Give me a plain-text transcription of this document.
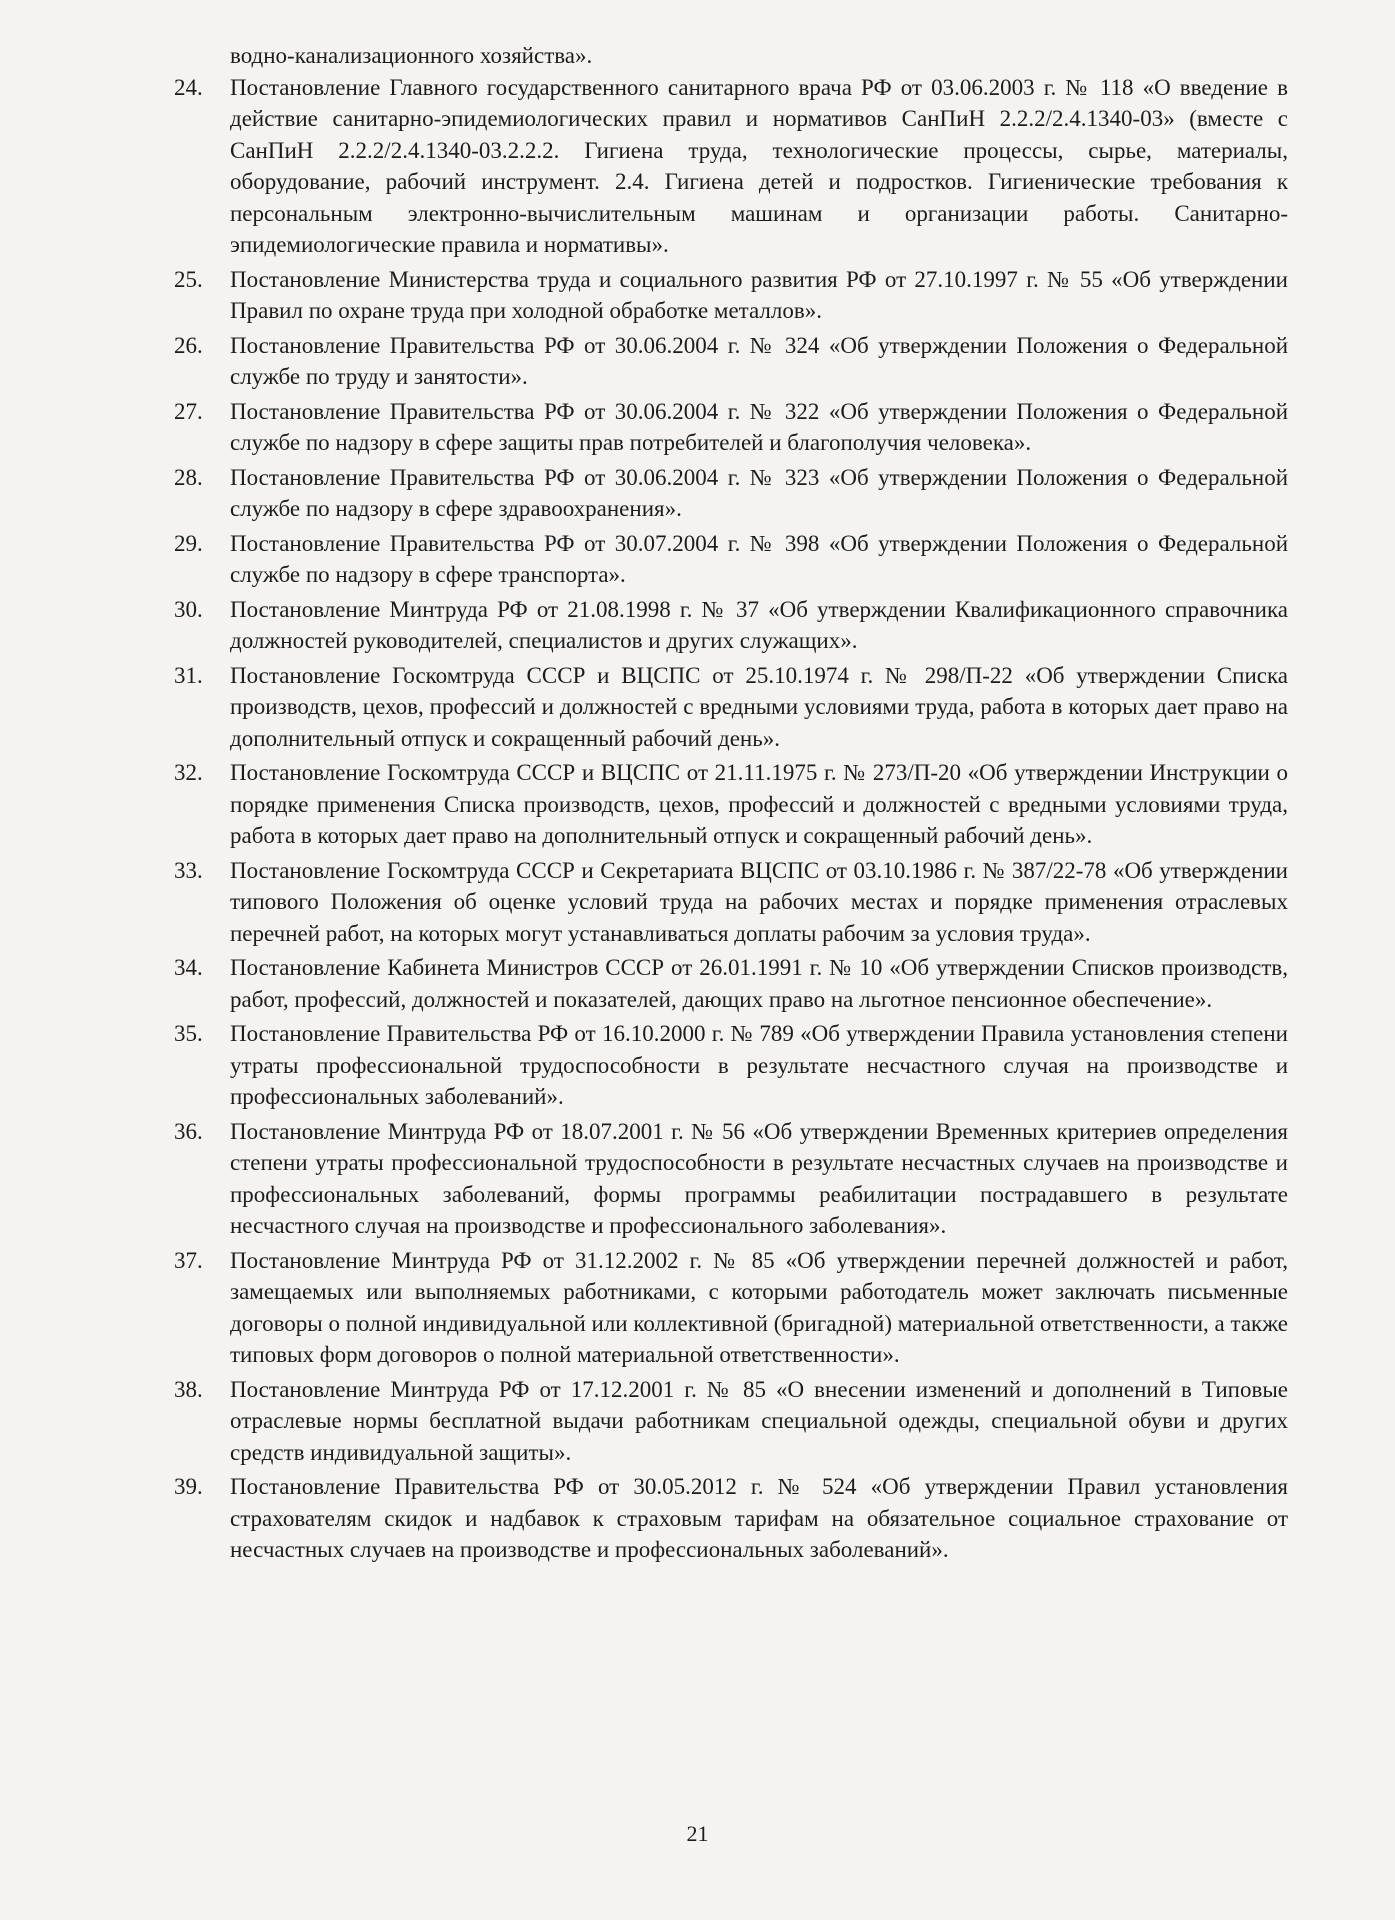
водно-канализационного хозяйства».

24. Постановление Главного государственного санитарного врача РФ от 03.06.2003 г. № 118 «О введение в действие санитарно-эпидемиологических правил и нормативов СанПиН 2.2.2/2.4.1340-03» (вместе с СанПиН 2.2.2/2.4.1340-03.2.2.2. Гигиена труда, технологические процессы, сырье, материалы, оборудование, рабочий инструмент. 2.4. Гигиена детей и подростков. Гигиенические требования к персональным электронно-вычислительным машинам и организации работы. Санитарно-эпидемиологические правила и нормативы».
25. Постановление Министерства труда и социального развития РФ от 27.10.1997 г. № 55 «Об утверждении Правил по охране труда при холодной обработке металлов».
26. Постановление Правительства РФ от 30.06.2004 г. № 324 «Об утверждении Положения о Федеральной службе по труду и занятости».
27. Постановление Правительства РФ от 30.06.2004 г. № 322 «Об утверждении Положения о Федеральной службе по надзору в сфере защиты прав потребителей и благополучия человека».
28. Постановление Правительства РФ от 30.06.2004 г. № 323 «Об утверждении Положения о Федеральной службе по надзору в сфере здравоохранения».
29. Постановление Правительства РФ от 30.07.2004 г. № 398 «Об утверждении Положения о Федеральной службе по надзору в сфере транспорта».
30. Постановление Минтруда РФ от 21.08.1998 г. № 37 «Об утверждении Квалификационного справочника должностей руководителей, специалистов и других служащих».
31. Постановление Госкомтруда СССР и ВЦСПС от 25.10.1974 г. № 298/П-22 «Об утверждении Списка производств, цехов, профессий и должностей с вредными условиями труда, работа в которых дает право на дополнительный отпуск и сокращенный рабочий день».
32. Постановление Госкомтруда СССР и ВЦСПС от 21.11.1975 г. № 273/П-20 «Об утверждении Инструкции о порядке применения Списка производств, цехов, профессий и должностей с вредными условиями труда, работа в которых дает право на дополнительный отпуск и сокращенный рабочий день».
33. Постановление Госкомтруда СССР и Секретариата ВЦСПС от 03.10.1986 г. № 387/22-78 «Об утверждении типового Положения об оценке условий труда на рабочих местах и порядке применения отраслевых перечней работ, на которых могут устанавливаться доплаты рабочим за условия труда».
34. Постановление Кабинета Министров СССР от 26.01.1991 г. № 10 «Об утверждении Списков производств, работ, профессий, должностей и показателей, дающих право на льготное пенсионное обеспечение».
35. Постановление Правительства РФ от 16.10.2000 г. № 789 «Об утверждении Правила установления степени утраты профессиональной трудоспособности в результате несчастного случая на производстве и профессиональных заболеваний».
36. Постановление Минтруда РФ от 18.07.2001 г. № 56 «Об утверждении Временных критериев определения степени утраты профессиональной трудоспособности в результате несчастных случаев на производстве и профессиональных заболеваний, формы программы реабилитации пострадавшего в результате несчастного случая на производстве и профессионального заболевания».
37. Постановление Минтруда РФ от 31.12.2002 г. № 85 «Об утверждении перечней должностей и работ, замещаемых или выполняемых работниками, с которыми работодатель может заключать письменные договоры о полной индивидуальной или коллективной (бригадной) материальной ответственности, а также типовых форм договоров о полной материальной ответственности».
38. Постановление Минтруда РФ от 17.12.2001 г. № 85 «О внесении изменений и дополнений в Типовые отраслевые нормы бесплатной выдачи работникам специальной одежды, специальной обуви и других средств индивидуальной защиты».
39. Постановление Правительства РФ от 30.05.2012 г. № 524 «Об утверждении Правил установления страхователям скидок и надбавок к страховым тарифам на обязательное социальное страхование от несчастных случаев на производстве и профессиональных заболеваний».
21
